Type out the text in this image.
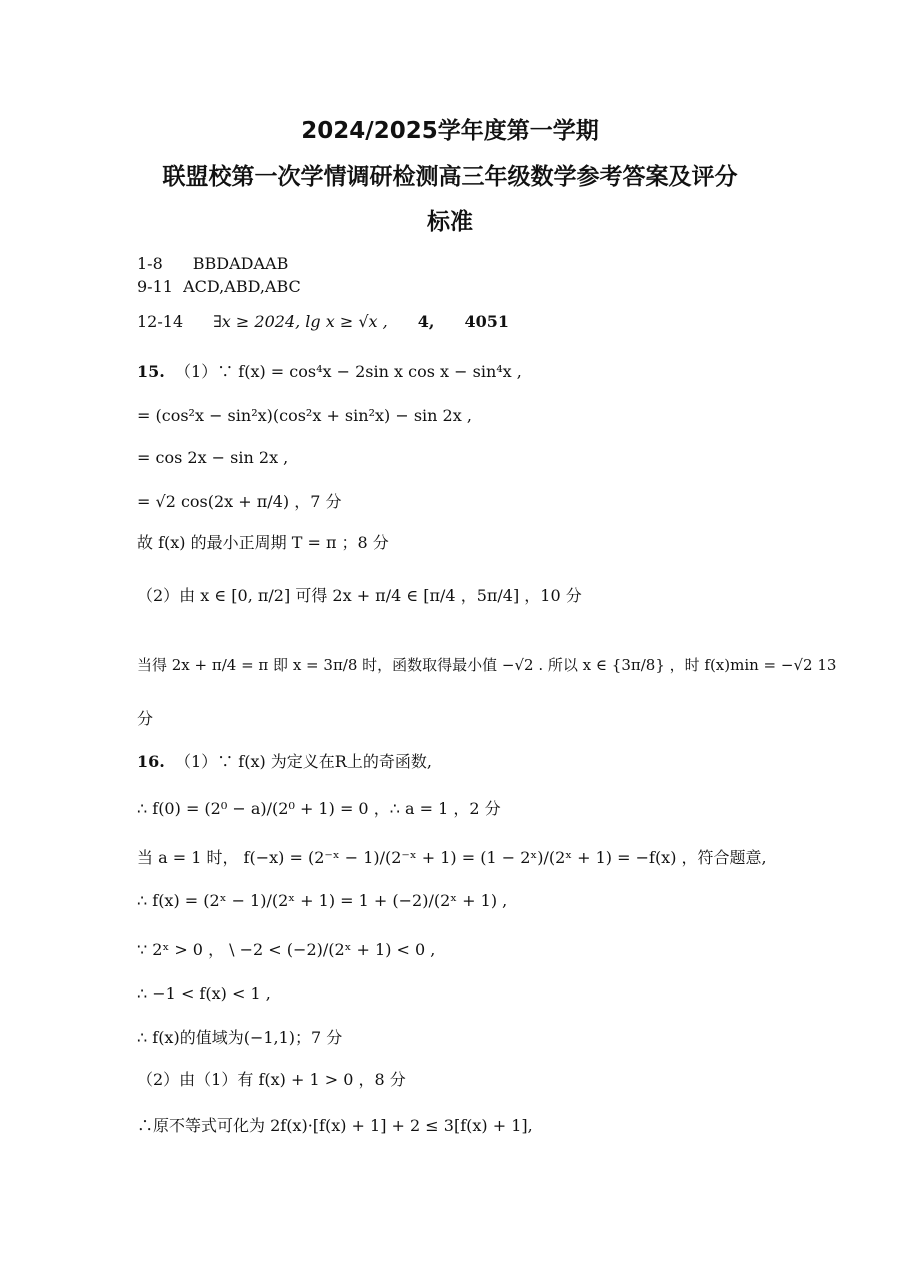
2024/2025学年度第一学期
联盟校第一次学情调研检测高三年级数学参考答案及评分
标准
1-8 BBDADAAB
9-11 ACD,ABD,ABC
12-14 ∃x ≥ 2024, lg x ≥ √x , 4, 4051
15. （1）∵ f(x) = cos⁴x − 2sin x cos x − sin⁴x ,
= (cos²x − sin²x)(cos²x + sin²x) − sin 2x ,
= cos 2x − sin 2x ,
= √2 cos(2x + π/4) ，7 分
故 f(x) 的最小正周期 T = π ；8 分
（2）由 x ∈ [0, π/2] 可得 2x + π/4 ∈ [π/4 ，5π/4] ，10 分
当得 2x + π/4 = π 即 x = 3π/8 时，函数取得最小值 −√2 . 所以 x ∈ {3π/8} ，时 f(x)min = −√2 13
分
16. （1）∵ f(x) 为定义在R上的奇函数,
∴ f(0) = (2⁰ − a)/(2⁰ + 1) = 0 ，∴ a = 1 ，2 分
当 a = 1 时， f(−x) = (2⁻ˣ − 1)/(2⁻ˣ + 1) = (1 − 2ˣ)/(2ˣ + 1) = −f(x) ，符合题意,
∴ f(x) = (2ˣ − 1)/(2ˣ + 1) = 1 + (−2)/(2ˣ + 1) ,
∵ 2ˣ > 0 ， \ −2 < (−2)/(2ˣ + 1) < 0 ,
∴ −1 < f(x) < 1 ,
∴ f(x)的值域为(−1,1)；7 分
（2）由（1）有 f(x) + 1 > 0 ，8 分
∴原不等式可化为 2f(x)·[f(x) + 1] + 2 ≤ 3[f(x) + 1],
